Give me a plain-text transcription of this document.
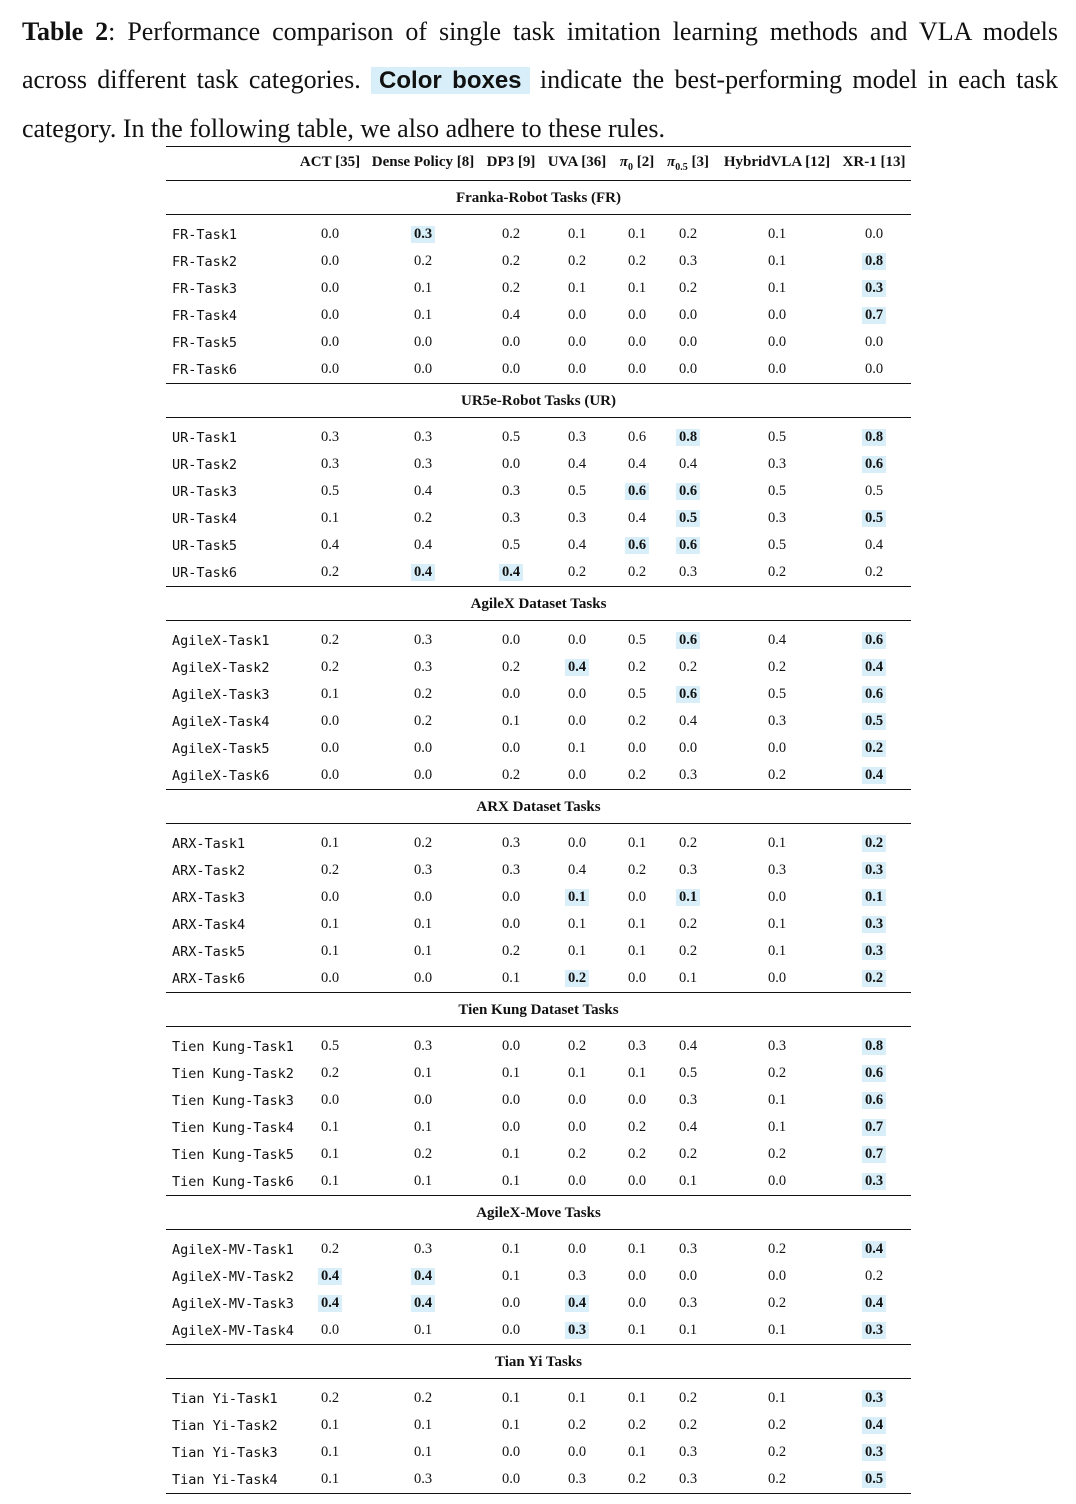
Table 2: Performance comparison of single task imitation learning methods and VLA models across different task categories. Color boxes indicate the best-performing model in each task category. In the following table, we also adhere to these rules.
ACT [35] Dense Policy [8] DP3 [9] UVA [36] $\pi_0$ [2] $\pi_{0.5}$ [3] HybridVLA [12] XR-1 [13]
Franka-Robot Tasks (FR)
FR-Task1	0.0	0.3	0.2	0.1	0.1 0.2	0.1	0.0
FR-Task2	0.0	0.2	0.2	0.2	0.2 0.3	0.1	0.8
FR-Task3	0.0	0.1	0.2	0.1	0.1 0.2	0.1	0.3
FR-Task4	0.0	0.1	0.4	0.0	0.0 0.0	0.0	0.7
FR-Task5	0.0	0.0	0.0	0.0	0.0 0.0	0.0	0.0
FR-Task6	0.0	0.0	0.0	0.0	0.0 0.0	0.0	0.0
UR5e-Robot Tasks (UR)
UR-Task1	0.3	0.3	0.5	0.3	0.6 0.8	0.5	0.8
UR-Task2	0.3	0.3	0.0	0.4	0.4 0.4	0.3	0.6
UR-Task3	0.5	0.4	0.3	0.5	0.6 0.6	0.5	0.5
UR-Task4	0.1	0.2	0.3	0.3	0.4 0.5	0.3	0.5
UR-Task5	0.4	0.4	0.5	0.4	0.6 0.6	0.5	0.4
UR-Task6	0.2	0.4	0.4	0.2	0.2 0.3	0.2	0.2
AgileX Dataset Tasks
AgileX-Task1	0.2	0.3	0.0	0.0	0.5 0.6	0.4	0.6
AgileX-Task2	0.2	0.3	0.2	0.4	0.2 0.2	0.2	0.4
AgileX-Task3	0.1	0.2	0.0	0.0	0.5 0.6	0.5	0.6
AgileX-Task4	0.0	0.2	0.1	0.0	0.2 0.4	0.3	0.5
AgileX-Task5	0.0	0.0	0.0	0.1	0.0 0.0	0.0	0.2
AgileX-Task6	0.0	0.0	0.2	0.0	0.2 0.3	0.2	0.4
ARX Dataset Tasks
ARX-Task1	0.1	0.2	0.3	0.0	0.1 0.2	0.1	0.2
ARX-Task2	0.2	0.3	0.3	0.4	0.2 0.3	0.3	0.3
ARX-Task3	0.0	0.0	0.0	0.1	0.0 0.1	0.0	0.1
ARX-Task4	0.1	0.1	0.0	0.1	0.1 0.2	0.1	0.3
ARX-Task5	0.1	0.1	0.2	0.1	0.1 0.2	0.1	0.3
ARX-Task6	0.0	0.0	0.1	0.2	0.0 0.1	0.0	0.2
Tien Kung Dataset Tasks
Tien Kung-Task1 0.5	0.3	0.0	0.2	0.3 0.4	0.3	0.8
Tien Kung-Task2 0.2	0.1	0.1	0.1	0.1 0.5	0.2	0.6
Tien Kung-Task3 0.0	0.0	0.0	0.0	0.0 0.3	0.1	0.6
Tien Kung-Task4 0.1	0.1	0.0	0.0	0.2 0.4	0.1	0.7
Tien Kung-Task5 0.1	0.2	0.1	0.2	0.2 0.2	0.2	0.7
Tien Kung-Task6 0.1	0.1	0.1	0.0	0.0 0.1	0.0	0.3
AgileX-Move Tasks
AgileX-MV-Task1 0.2	0.3	0.1	0.0	0.1 0.3	0.2	0.4
AgileX-MV-Task2 0.4	0.4	0.1	0.3	0.0 0.0	0.0	0.2
AgileX-MV-Task3 0.4	0.4	0.0	0.4	0.0 0.3	0.2	0.4
AgileX-MV-Task4 0.0	0.1	0.0	0.3	0.1 0.1	0.1	0.3
Tian Yi Tasks
Tian Yi-Task1	0.2	0.2	0.1	0.1	0.1 0.2	0.1	0.3
Tian Yi-Task2	0.1	0.1	0.1	0.2	0.2 0.2	0.2	0.4
Tian Yi-Task3	0.1	0.1	0.0	0.0	0.1 0.3	0.2	0.3
Tian Yi-Task4	0.1	0.3	0.0	0.3	0.2 0.3	0.2	0.5
